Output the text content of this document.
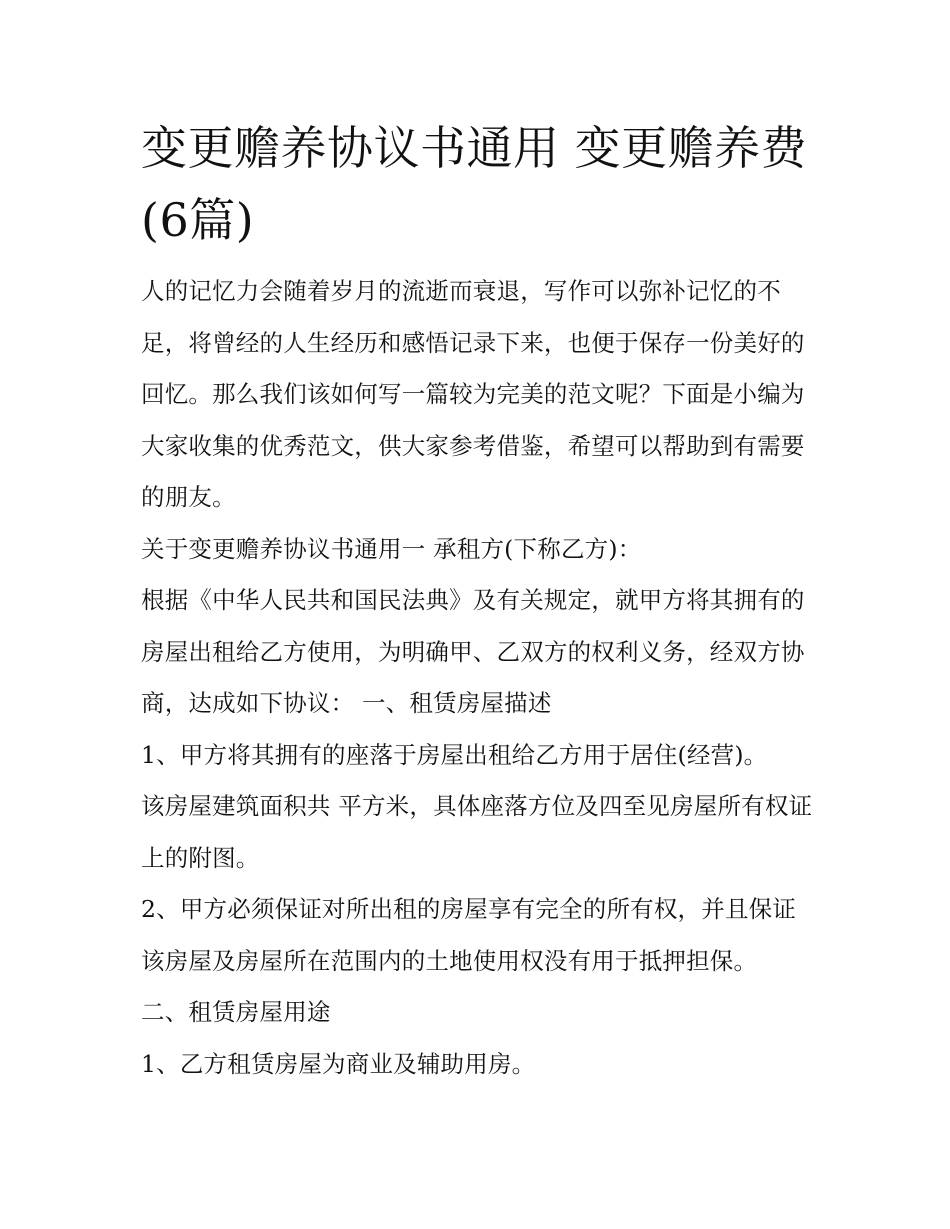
变更赡养协议书通用 变更赡养费(6篇)

人的记忆力会随着岁月的流逝而衰退，写作可以弥补记忆的不足，将曾经的人生经历和感悟记录下来，也便于保存一份美好的回忆。那么我们该如何写一篇较为完美的范文呢？下面是小编为大家收集的优秀范文，供大家参考借鉴，希望可以帮助到有需要的朋友。

关于变更赡养协议书通用一 承租方(下称乙方)：

根据《中华人民共和国民法典》及有关规定，就甲方将其拥有的房屋出租给乙方使用，为明确甲、乙双方的权利义务，经双方协商，达成如下协议： 一、租赁房屋描述

1、甲方将其拥有的座落于房屋出租给乙方用于居住(经营)。

该房屋建筑面积共 平方米，具体座落方位及四至见房屋所有权证上的附图。

2、甲方必须保证对所出租的房屋享有完全的所有权，并且保证该房屋及房屋所在范围内的土地使用权没有用于抵押担保。

二、租赁房屋用途

1、乙方租赁房屋为商业及辅助用房。
